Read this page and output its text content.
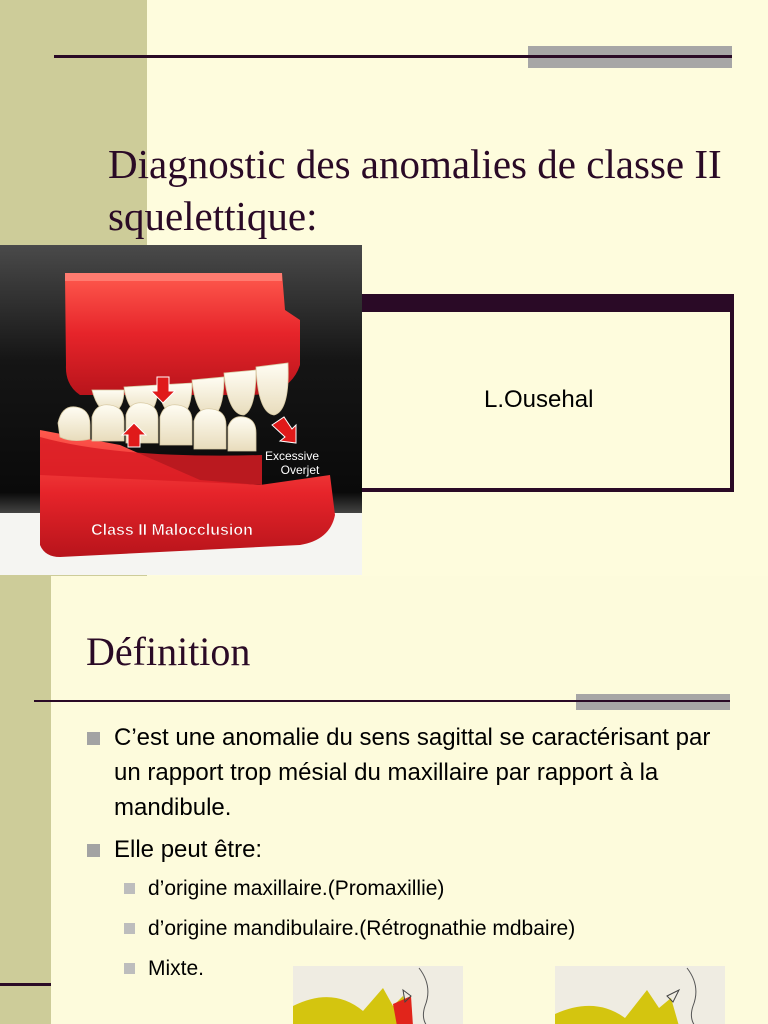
Diagnostic des anomalies de classe II squelettique:
L.Ousehal
Excessive
Overjet
Class II Malocclusion
Définition
C’est une anomalie du sens sagittal se caractérisant par un rapport trop mésial du maxillaire par rapport à la mandibule.
Elle peut être:
d’origine maxillaire.(Promaxillie)
d’origine mandibulaire.(Rétrognathie mdbaire)
Mixte.
